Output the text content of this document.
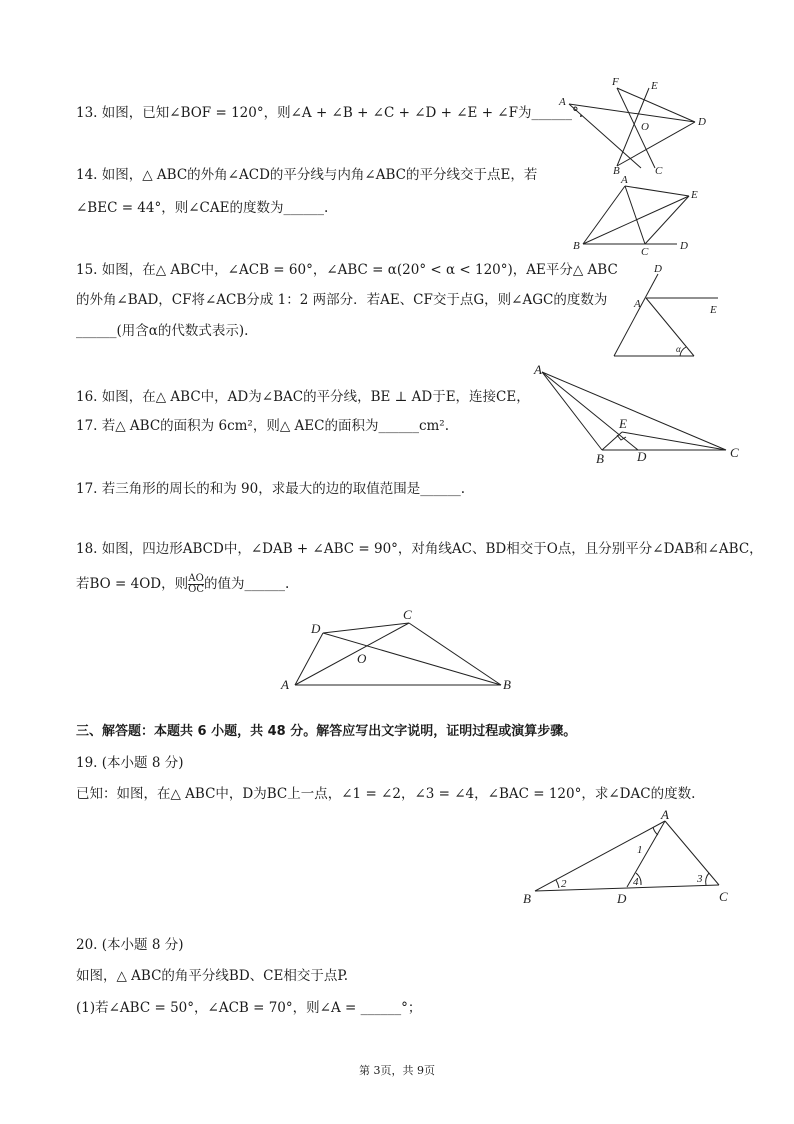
13. 如图，已知∠BOF = 120°，则∠A + ∠B + ∠C + ∠D + ∠E + ∠F为______°.
A
F	E
D
O
B	C
14. 如图，△ ABC的外角∠ACD的平分线与内角∠ABC的平分线交于点E，若
∠BEC = 44°，则∠CAE的度数为______.
A
E
B	C	D
15. 如图，在△ ABC中，∠ACB = 60°，∠ABC = α(20° < α < 120°)，AE平分△ ABC
的外角∠BAD，CF将∠ACB分成 1：2 两部分．若AE、CF交于点G，则∠AGC的度数为
______(用含α的代数式表示).
D
A	E
α
16. 如图，在△ ABC中，AD为∠BAC的平分线，BE ⊥ AD于E，连接CE，
17. 若△ ABC的面积为 6cm²，则△ AEC的面积为______cm².
A
E
B	D	C
17. 若三角形的周长的和为 90，求最大的边的取值范围是______.
18. 如图，四边形ABCD中，∠DAB + ∠ABC = 90°，对角线AC、BD相交于O点，且分别平分∠DAB和∠ABC，
若BO = 4OD，则 $\frac{AO}{OC}$ 的值为______.
D
C
O
A	B
三、解答题：本题共 6 小题，共 48 分。解答应写出文字说明，证明过程或演算步骤。
19. (本小题 8 分)
已知：如图，在△ ABC中，D为BC上一点，∠1 = ∠2，∠3 = ∠4，∠BAC = 120°，求∠DAC的度数.
A
1
2	3
4
B	D	C
20. (本小题 8 分)
如图，△ ABC的角平分线BD、CE相交于点P.
(1)若∠ABC = 50°，∠ACB = 70°，则∠A = ______°；
第 3页，共 9页
